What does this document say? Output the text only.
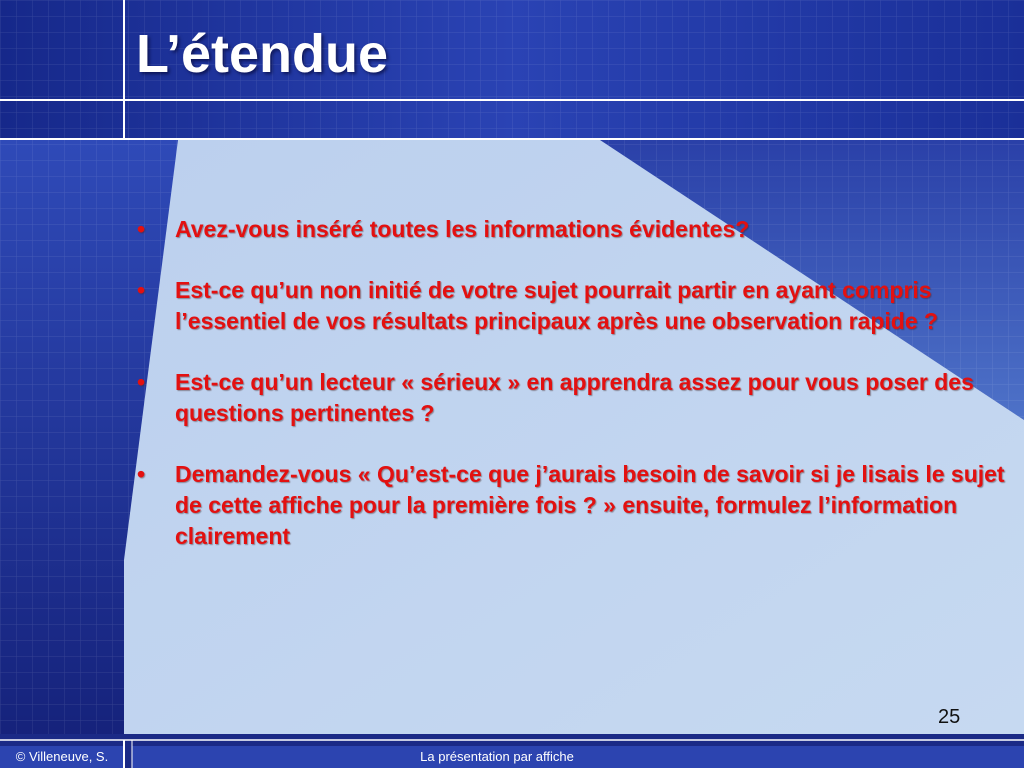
L’étendue
• Avez-vous inséré toutes les informations évidentes?
• Est-ce qu’un non initié de votre sujet pourrait partir en ayant compris l’essentiel de vos résultats principaux après une observation rapide ?
• Est-ce qu’un lecteur « sérieux » en apprendra assez pour vous poser des questions pertinentes ?
• Demandez-vous « Qu’est-ce que j’aurais besoin de savoir si je lisais le sujet de cette affiche pour la première fois ? » ensuite, formulez l’information clairement
25
© Villeneuve, S.	La présentation par affiche
